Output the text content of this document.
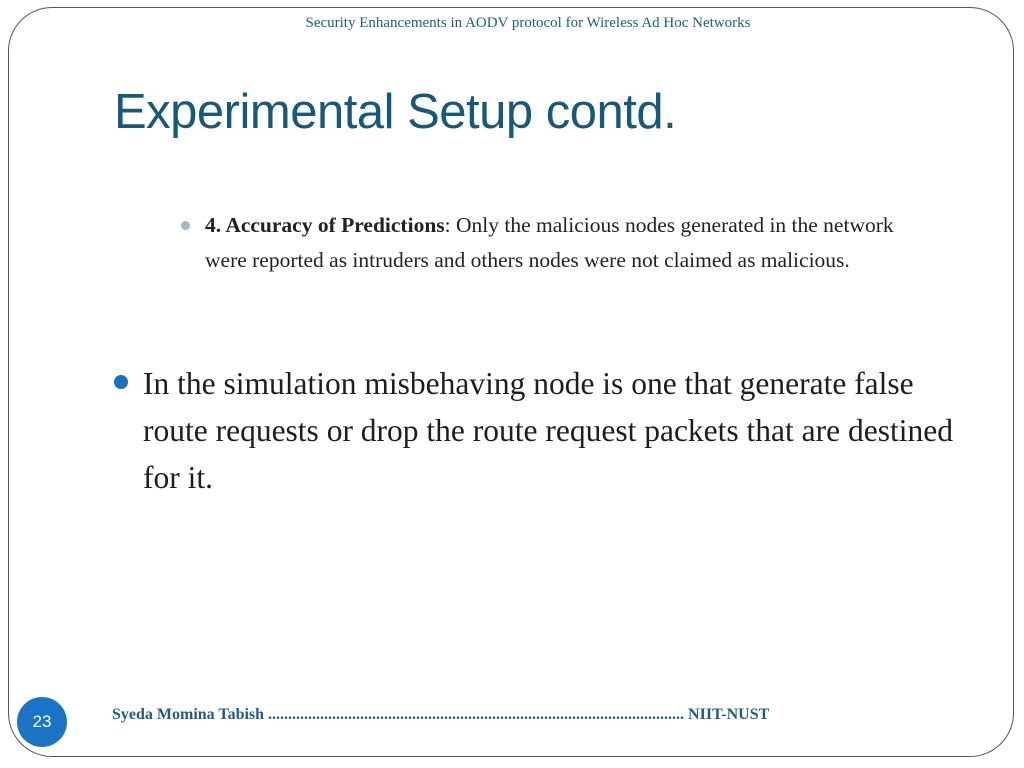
Security Enhancements in AODV protocol for Wireless Ad Hoc Networks
Experimental Setup contd.
4. Accuracy of Predictions: Only the malicious nodes generated in the network were reported as intruders and others nodes were not claimed as malicious.
In the simulation misbehaving node is one that generate false route requests or drop the route request packets that are destined for it.
23	Syeda Momina Tabish ........................................................................................................ NIIT-NUST
